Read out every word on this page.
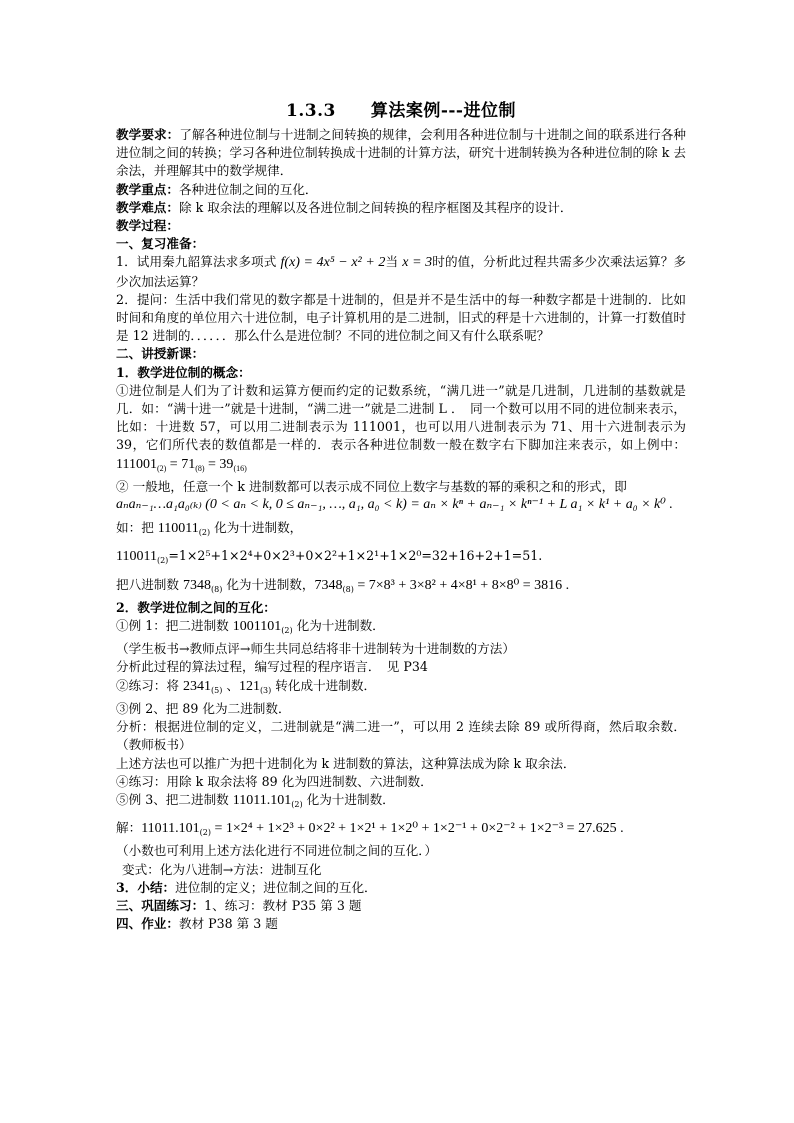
1.3.3　　算法案例---进位制

教学要求：了解各种进位制与十进制之间转换的规律，会利用各种进位制与十进制之间的联系进行各种进位制之间的转换；学习各种进位制转换成十进制的计算方法，研究十进制转换为各种进位制的除 k 去余法，并理解其中的数学规律．

教学重点：各种进位制之间的互化．

教学难点：除 k 取余法的理解以及各进位制之间转换的程序框图及其程序的设计．

教学过程：

一、复习准备：

1．试用秦九韶算法求多项式 f(x) = 4x⁵ − x² + 2当 x = 3时的值，分析此过程共需多少次乘法运算？多少次加法运算？

2．提问：生活中我们常见的数字都是十进制的，但是并不是生活中的每一种数字都是十进制的．比如时间和角度的单位用六十进位制，电子计算机用的是二进制，旧式的秤是十六进制的，计算一打数值时是 12 进制的．．．．．．那么什么是进位制？不同的进位制之间又有什么联系呢？

二、讲授新课：

1．教学进位制的概念：

①进位制是人们为了计数和运算方便而约定的记数系统，“满几进一”就是几进制，几进制的基数就是几．如：“满十进一”就是十进制，“满二进一”就是二进制 L ．　同一个数可以用不同的进位制来表示，比如：十进数 57，可以用二进制表示为 111001，也可以用八进制表示为 71、用十六进制表示为 39，它们所代表的数值都是一样的．表示各种进位制数一般在数字右下脚加注来表示，如上例中：$111001_{(2)} = 71_{(8)} = 39_{(16)}$

② 一般地，任意一个 k 进制数都可以表示成不同位上数字与基数的幂的乘积之和的形式，即

aₙaₙ₋₁…a₁a₀₍ₖ₎ (0 < aₙ < k, 0 ≤ aₙ₋₁, …, a₁, a₀ < k) = aₙ × kⁿ + aₙ₋₁ × kⁿ⁻¹ + L a₁ × k¹ + a₀ × k⁰ .

如：把 $110011_{(2)}$ 化为十进制数，

$110011_{(2)}=1\times 2^5+1\times 2^4+0\times 2^3+0\times 2^2+1\times 2^1+1\times 2^0=32+16+2+1=51$.

把八进制数 $7348_{(8)}$ 化为十进制数，$7348_{(8)} = 7\times 8^3 + 3\times 8^2 + 4\times 8^1 + 8\times 8^0 = 3816$ .

2．教学进位制之间的互化：

①例 1：把二进制数 $1001101_{(2)}$ 化为十进制数．

（学生板书→教师点评→师生共同总结将非十进制转为十进制数的方法）

分析此过程的算法过程，编写过程的程序语言．　见 P34

②练习：将 $2341_{(5)}$ 、$121_{(3)}$ 转化成十进制数．

③例 2、把 89 化为二进制数．

分析：根据进位制的定义，二进制就是“满二进一”，可以用 2 连续去除 89 或所得商，然后取余数．（教师板书）

上述方法也可以推广为把十进制化为 k 进制数的算法，这种算法成为除 k 取余法．

④练习：用除 k 取余法将 89 化为四进制数、六进制数．

⑤例 3、把二进制数 $11011.101_{(2)}$ 化为十进制数．

解：$11011.101_{(2)} = 1\times 2^4 + 1\times 2^3 + 0\times 2^2 + 1\times 2^1 + 1\times 2^0 + 1\times 2^{-1} + 0\times 2^{-2} + 1\times 2^{-3} = 27.625$ .

（小数也可利用上述方法化进行不同进位制之间的互化．）

变式：化为八进制→方法：进制互化

3．小结：进位制的定义；进位制之间的互化．

三、巩固练习：1、练习：教材 P35 第 3 题

四、作业：教材 P38 第 3 题
